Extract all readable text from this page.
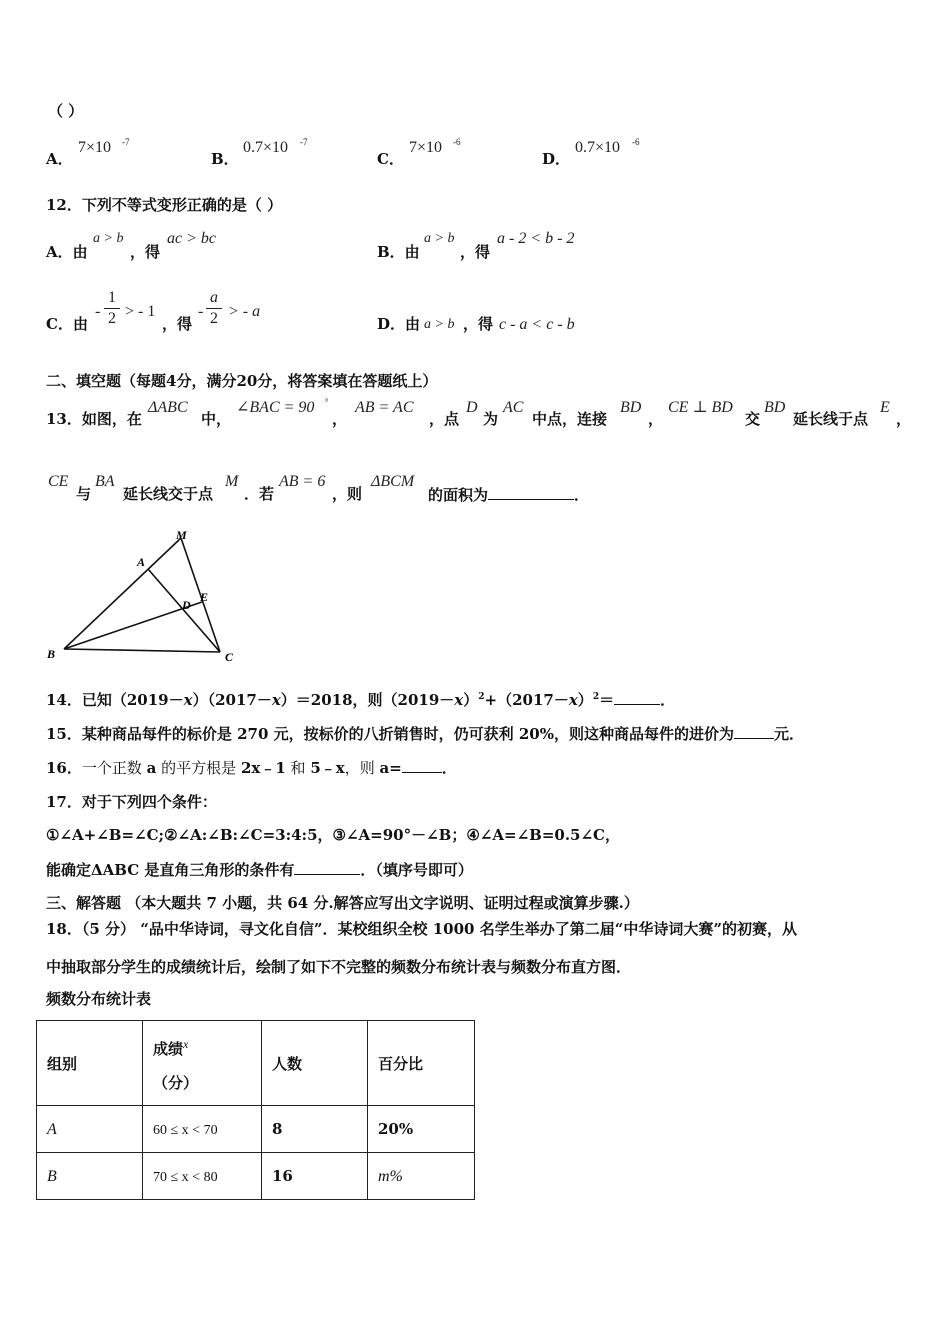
（ ）
A．
7×10 -7
B．
0.7×10 -7
C．
7×10 -6
D．
0.7×10 -6
12．下列不等式变形正确的是（ ）
A．由
a > b
，得
ac > bc
B．由
a > b
，得
a - 2 < b - 2
C．由
-
1
2 > - 1
，得
-
a
2 > - a
D．由 a > b ，得 c - a < c - b
二、填空题（每题4分，满分20分，将答案填在答题纸上）
13．如图，在
ΔABC
中，
∠BAC = 90 °
，
AB = AC
，点
D
为
AC
中点，连接
BD
，
CE ⊥ BD
交
BD
延长线于点
E
，
CE
与
BA
延长线交于点
M
．若
AB = 6
，则
ΔBCM
的面积为	．
M
A
D
E
B	C
14．已知（2019－x）（2017－x）＝2018，则$(2019-x)^2+(2017-x)^2=$	．
15．某种商品每件的标价是 270 元，按标价的八折销售时，仍可获利 20%，则这种商品每件的进价为	元．
16．一个正数 a 的平方根是 2x﹣1 和 5﹣x，则 a=	．
17．对于下列四个条件：
①∠A+∠B=∠C;②∠A:∠B:∠C=3:4:5，③∠A=90°－∠B；④∠A=∠B=0.5∠C，
能确定ΔABC 是直角三角形的条件有	．（填序号即可）
三、解答题 （本大题共 7 小题，共 64 分.解答应写出文字说明、证明过程或演算步骤.）
18．（5 分） “品中华诗词，寻文化自信”．某校组织全校 1000 名学生举办了第二届“中华诗词大赛”的初赛，从
中抽取部分学生的成绩统计后，绘制了如下不完整的频数分布统计表与频数分布直方图．
频数分布统计表
组别	成绩$^x$
（分）	人数	百分比
A	60 ≤ x < 70	8	20%
B	70 ≤ x < 80	16	m%
